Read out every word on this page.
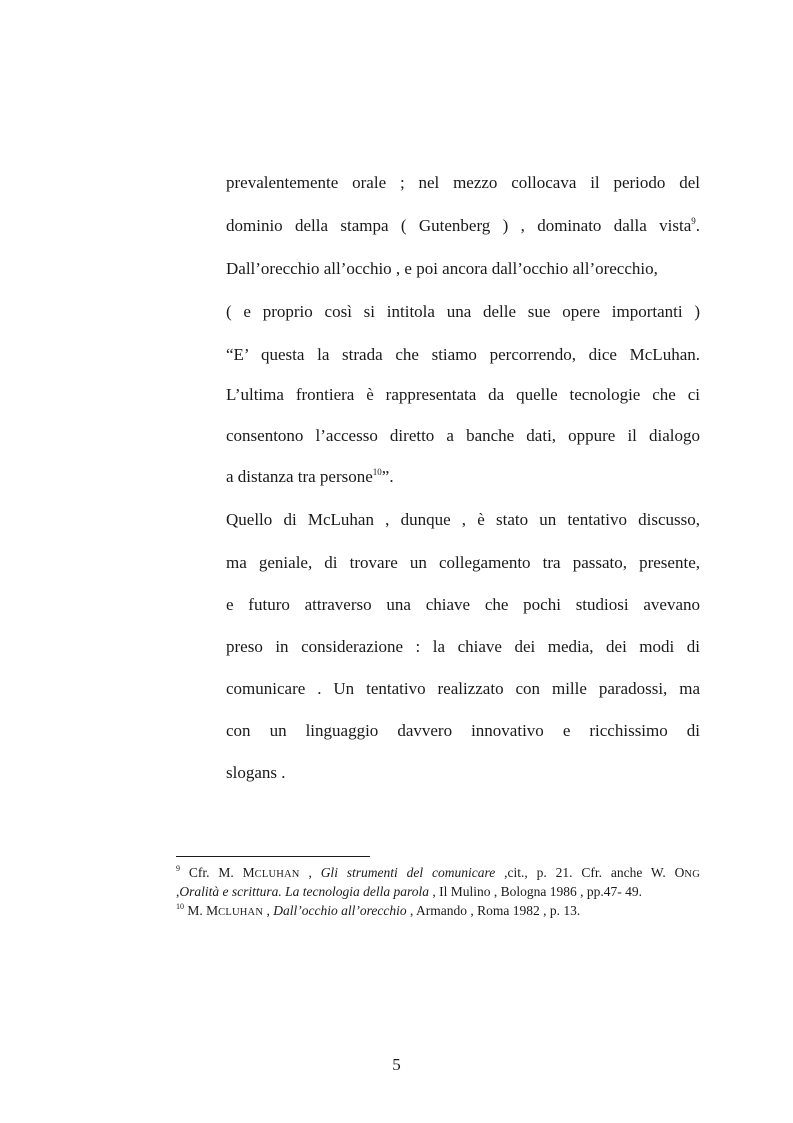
prevalentemente orale ; nel mezzo collocava il periodo del
dominio della stampa ( Gutenberg ) , dominato dalla vista$^9$.
Dall’orecchio all’occhio , e poi ancora dall’occhio all’orecchio,
( e proprio così si intitola una delle sue opere importanti )
“E’ questa la strada che stiamo percorrendo, dice McLuhan.
L’ultima frontiera è rappresentata da quelle tecnologie che ci
consentono l’accesso diretto a banche dati, oppure il dialogo
a distanza tra persone$^{10}$”.
Quello di McLuhan , dunque , è stato un tentativo discusso,
ma geniale, di trovare un collegamento tra passato, presente,
e futuro attraverso una chiave che pochi studiosi avevano
preso in considerazione : la chiave dei media, dei modi di
comunicare . Un tentativo realizzato con mille paradossi, ma
con un linguaggio davvero innovativo e ricchissimo di
slogans .
$^9$ Cfr. M. MCLUHAN , Gli strumenti del comunicare ,cit., p. 21. Cfr. anche W. ONG
,Oralità e scrittura. La tecnologia della parola , Il Mulino , Bologna 1986 , pp.47- 49.
$^{10}$ M. MCLUHAN , Dall’occhio all’orecchio , Armando , Roma 1982 , p. 13.
5
